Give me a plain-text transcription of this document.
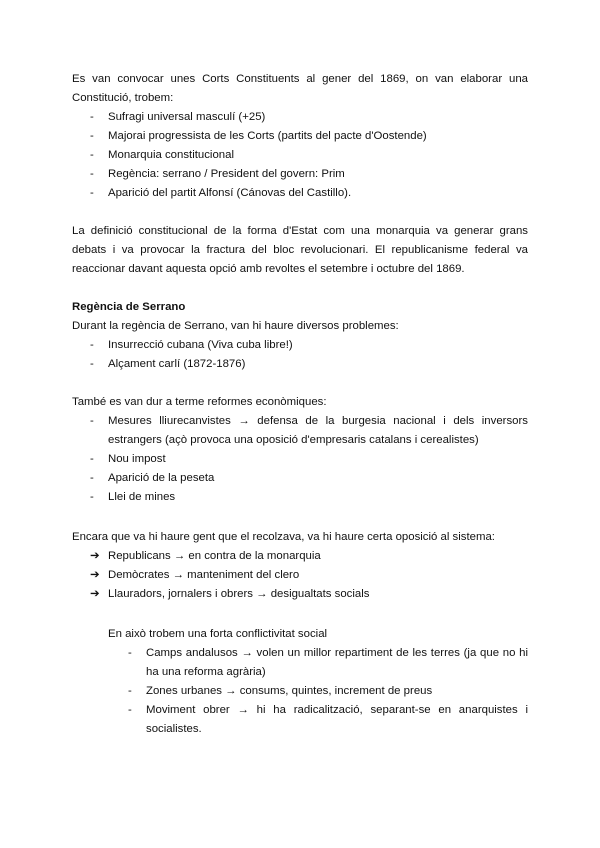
Es van convocar unes Corts Constituents al gener del 1869, on van elaborar una Constitució, trobem:
- Sufragi universal masculí (+25)
- Majorai progressista de les Corts (partits del pacte d'Oostende)
- Monarquia constitucional
- Regència: serrano / President del govern: Prim
- Aparició del partit Alfonsí (Cánovas del Castillo).
La definició constitucional de la forma d'Estat com una monarquia va generar grans debats i va provocar la fractura del bloc revolucionari. El republicanisme federal va reaccionar davant aquesta opció amb revoltes el setembre i octubre del 1869.
Regència de Serrano
Durant la regència de Serrano, van hi haure diversos problemes:
- Insurrecció cubana (Viva cuba libre!)
- Alçament carlí (1872-1876)
També es van dur a terme reformes econòmiques:
- Mesures lliurecanvistes → defensa de la burgesia nacional i dels inversors estrangers (açò provoca una oposició d'empresaris catalans i cerealistes)
- Nou impost
- Aparició de la peseta
- Llei de mines
Encara que va hi haure gent que el recolzava, va hi haure certa oposició al sistema:
➔ Republicans → en contra de la monarquia
➔ Demòcrates → manteniment del clero
➔ Llauradors, jornalers i obrers → desigualtats socials
En això trobem una forta conflictivitat social
- Camps andalusos → volen un millor repartiment de les terres (ja que no hi ha una reforma agrària)
- Zones urbanes → consums, quintes, increment de preus
- Moviment obrer → hi ha radicalització, separant-se en anarquistes i socialistes.
